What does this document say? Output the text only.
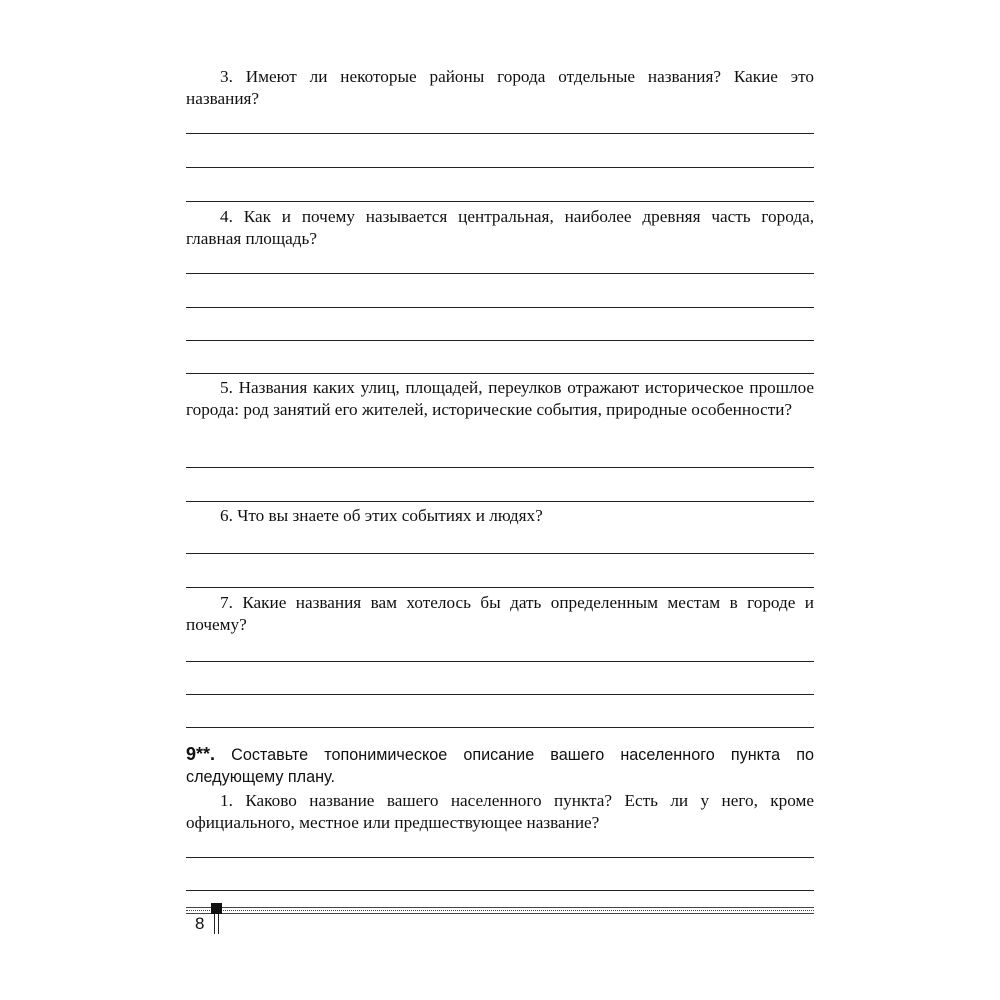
3. Имеют ли некоторые районы города отдельные названия? Какие это названия?
4. Как и почему называется центральная, наиболее древняя часть города, главная площадь?
5. Названия каких улиц, площадей, переулков отражают историческое прошлое города: род занятий его жителей, исторические события, природные особенности?
6. Что вы знаете об этих событиях и людях?
7. Какие названия вам хотелось бы дать определенным местам в городе и почему?
9**. Составьте топонимическое описание вашего населенного пункта по следующему плану.
1. Каково название вашего населенного пункта? Есть ли у него, кроме официального, местное или предшествующее название?
8
